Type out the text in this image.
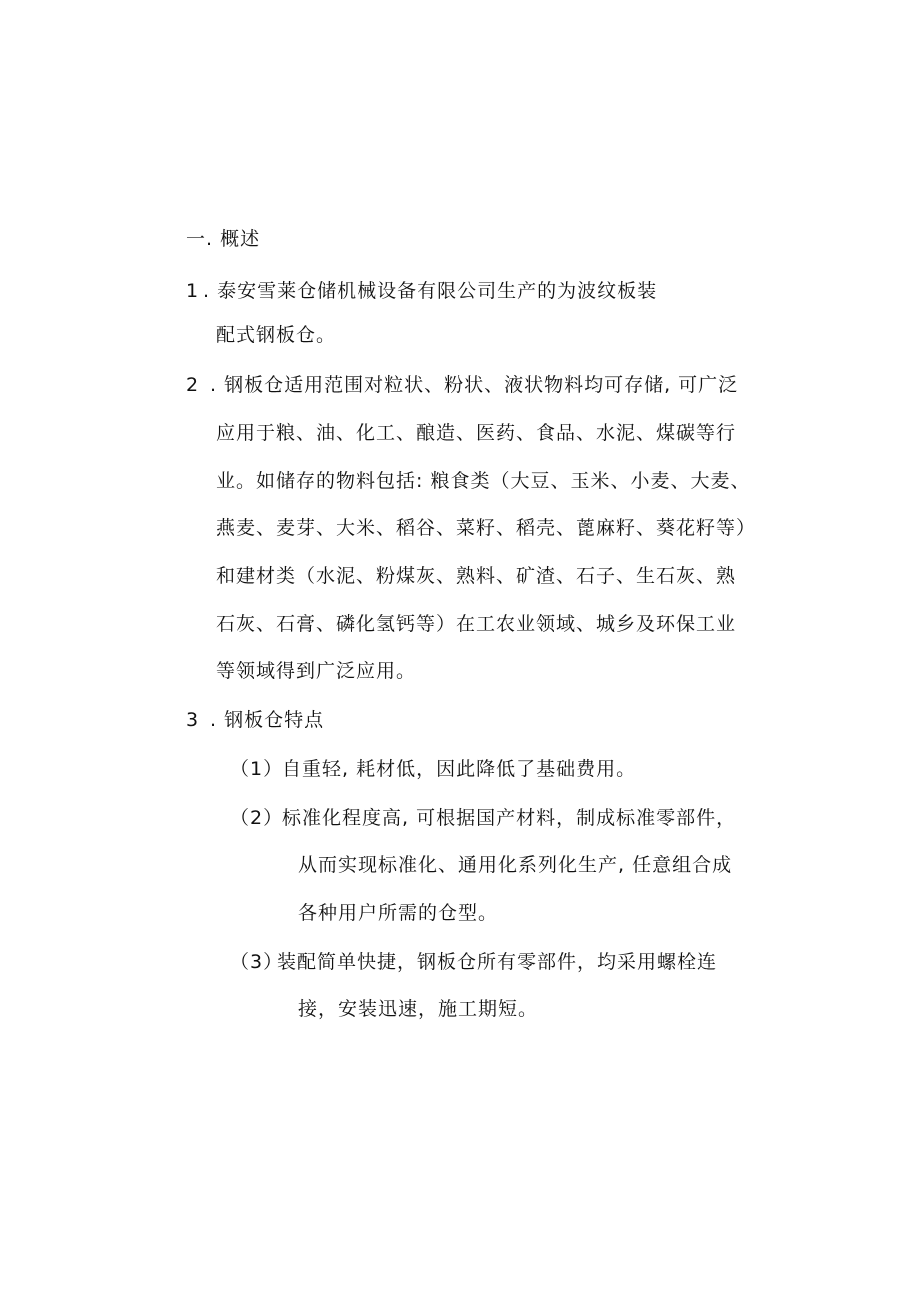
一. 概述
1 . 泰安雪莱仓储机械设备有限公司生产的为波纹板装
配式钢板仓。
2 . 钢板仓适用范围对粒状、粉状、液状物料均可存储, 可广泛
应用于粮、油、化工、酿造、医药、食品、水泥、煤碳等行
业。如储存的物料包括: 粮食类（大豆、玉米、小麦、大麦、
燕麦、麦芽、大米、稻谷、菜籽、稻壳、蓖麻籽、葵花籽等）
和建材类（水泥、粉煤灰、熟料、矿渣、石子、生石灰、熟
石灰、石膏、磷化氢钙等）在工农业领域、城乡及环保工业
等领域得到广泛应用。
3 . 钢板仓特点
（1）
自重轻, 耗材低，因此降低了基础费用。
（2）
标准化程度高, 可根据国产材料，制成标准零部件，
从而实现标准化、通用化系列化生产, 任意组合成
各种用户所需的仓型。
（3）
装配简单快捷，钢板仓所有零部件，均采用螺栓连
接，安装迅速，施工期短。
